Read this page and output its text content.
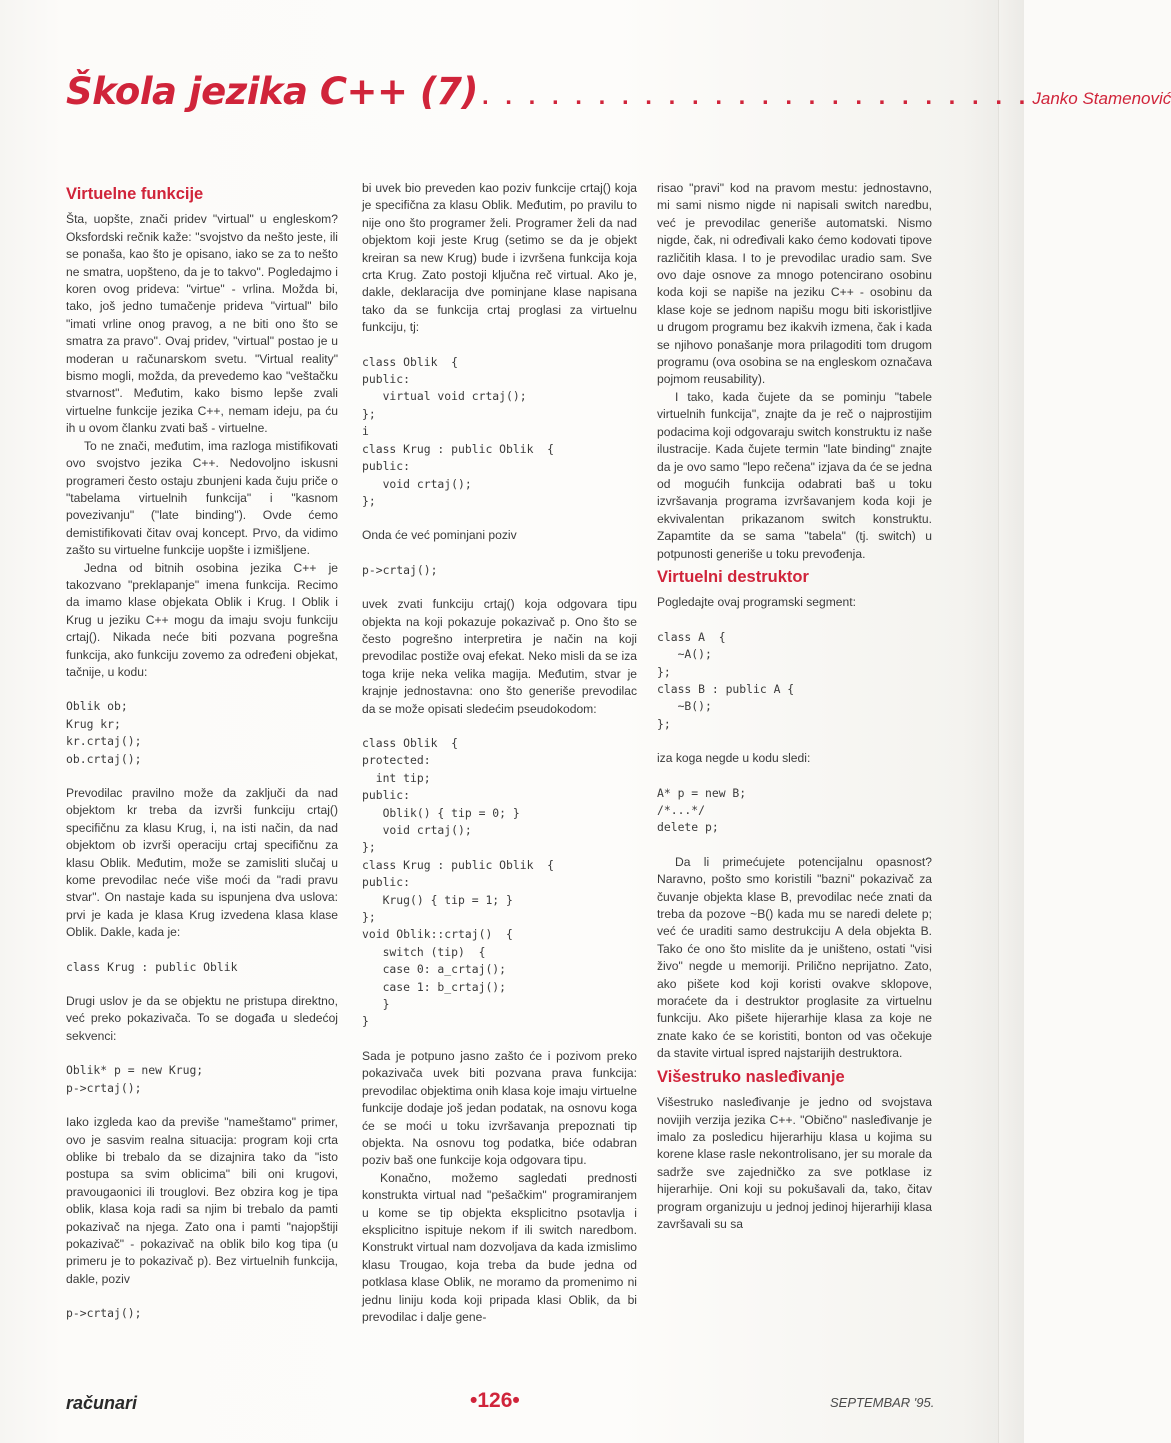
Škola jezika C++ (7) . . . . . . . . . . . . . . . . . . . . . . . . Janko Stamenović
Virtuelne funkcije

Šta, uopšte, znači pridev "virtual" u engleskom? Oksfordski rečnik kaže: "svojstvo da nešto jeste, ili se ponaša, kao što je opisano, iako se za to nešto ne smatra, uopšteno, da je to takvo". Pogledajmo i koren ovog prideva: "virtue" - vrlina. Možda bi, tako, još jedno tumačenje prideva "virtual" bilo "imati vrline onog pravog, a ne biti ono što se smatra za pravo". Ovaj pridev, "virtual" postao je u moderan u računarskom svetu. "Virtual reality" bismo mogli, možda, da prevedemo kao "veštačku stvarnost". Međutim, kako bismo lepše zvali virtuelne funkcije jezika C++, nemam ideju, pa ću ih u ovom članku zvati baš - virtuelne.

To ne znači, međutim, ima razloga mistifikovati ovo svojstvo jezika C++. Nedovoljno iskusni programeri često ostaju zbunjeni kada čuju priče o "tabelama virtuelnih funkcija" i "kasnom povezivanju" ("late binding"). Ovde ćemo demistifikovati čitav ovaj koncept. Prvo, da vidimo zašto su virtuelne funkcije uopšte i izmišljene.

Jedna od bitnih osobina jezika C++ je takozvano "preklapanje" imena funkcija. Recimo da imamo klase objekata Oblik i Krug. I Oblik i Krug u jeziku C++ mogu da imaju svoju funkciju crtaj(). Nikada neće biti pozvana pogrešna funkcija, ako funkciju zovemo za određeni objekat, tačnije, u kodu:

Oblik ob;
Krug kr;
kr.crtaj();
ob.crtaj();

Prevodilac pravilno može da zaključi da nad objektom kr treba da izvrši funkciju crtaj() specifičnu za klasu Krug, i, na isti način, da nad objektom ob izvrši operaciju crtaj specifičnu za klasu Oblik. Međutim, može se zamisliti slučaj u kome prevodilac neće više moći da "radi pravu stvar". On nastaje kada su ispunjena dva uslova: prvi je kada je klasa Krug izvedena klasa klase Oblik. Dakle, kada je:

class Krug : public Oblik

Drugi uslov je da se objektu ne pristupa direktno, već preko pokazivača. To se događa u sledećoj sekvenci:

Oblik* p = new Krug;
p->crtaj();

Iako izgleda kao da previše "nameštamo" primer, ovo je sasvim realna situacija: program koji crta oblike bi trebalo da se dizajnira tako da "isto postupa sa svim oblicima" bili oni krugovi, pravougaonici ili trouglovi. Bez obzira kog je tipa oblik, klasa koja radi sa njim bi trebalo da pamti pokazivač na njega. Zato ona i pamti "najopštiji pokazivač" - pokazivač na oblik bilo kog tipa (u primeru je to pokazivač p). Bez virtuelnih funkcija, dakle, poziv

p->crtaj();

bi uvek bio preveden kao poziv funkcije crtaj() koja je specifična za klasu Oblik. Međutim, po pravilu to nije ono što programer želi. Programer želi da nad objektom koji jeste Krug (setimo se da je objekt kreiran sa new Krug) bude i izvršena funkcija koja crta Krug. Zato postoji ključna reč virtual. Ako je, dakle, deklaracija dve pominjane klase napisana tako da se funkcija crtaj proglasi za virtuelnu funkciju, tj:

class Oblik  {
public:
virtual void crtaj();
};
i
class Krug : public Oblik  {
public:
void crtaj();
};

Onda će već pominjani poziv

p->crtaj();

uvek zvati funkciju crtaj() koja odgovara tipu objekta na koji pokazuje pokazivač p. Ono što se često pogrešno interpretira je način na koji prevodilac postiže ovaj efekat. Neko misli da se iza toga krije neka velika magija. Međutim, stvar je krajnje jednostavna: ono što generiše prevodilac da se može opisati sledećim pseudokodom:

class Oblik  {
protected:
int tip;
public:
Oblik() { tip = 0; }
void crtaj();
};
class Krug : public Oblik  {
public:
Krug() { tip = 1; }
};
void Oblik::crtaj()  {
switch (tip)  {
case 0: a_crtaj();
case 1: b_crtaj();
}
}

Sada je potpuno jasno zašto će i pozivom preko pokazivača uvek biti pozvana prava funkcija: prevodilac objektima onih klasa koje imaju virtuelne funkcije dodaje još jedan podatak, na osnovu koga će se moći u toku izvršavanja prepoznati tip objekta. Na osnovu tog podatka, biće odabran poziv baš one funkcije koja odgovara tipu.

Konačno, možemo sagledati prednosti konstrukta virtual nad "pešačkim" programiranjem u kome se tip objekta eksplicitno psotavlja i eksplicitno ispituje nekom if ili switch naredbom. Konstrukt virtual nam dozvoljava da kada izmislimo klasu Trougao, koja treba da bude jedna od potklasa klase Oblik, ne moramo da promenimo ni jednu liniju koda koji pripada klasi Oblik, da bi prevodilac i dalje gene-

risao "pravi" kod na pravom mestu: jednostavno, mi sami nismo nigde ni napisali switch naredbu, već je prevodilac generiše automatski. Nismo nigde, čak, ni određivali kako ćemo kodovati tipove različitih klasa. I to je prevodilac uradio sam. Sve ovo daje osnove za mnogo potencirano osobinu koda koji se napiše na jeziku C++ - osobinu da klase koje se jednom napišu mogu biti iskoristljive u drugom programu bez ikakvih izmena, čak i kada se njihovo ponašanje mora prilagoditi tom drugom programu (ova osobina se na engleskom označava pojmom reusability).

I tako, kada čujete da se pominju "tabele virtuelnih funkcija", znajte da je reč o najprostijim podacima koji odgovaraju switch konstruktu iz naše ilustracije. Kada čujete termin "late binding" znajte da je ovo samo "lepo rečena" izjava da će se jedna od mogućih funkcija odabrati baš u toku izvršavanja programa izvršavanjem koda koji je ekvivalentan prikazanom switch konstruktu. Zapamtite da se sama "tabela" (tj. switch) u potpunosti generiše u toku prevođenja.

Virtuelni destruktor

Pogledajte ovaj programski segment:

class A  {
~A();
};
class B : public A {
~B();
};

iza koga negde u kodu sledi:

A* p = new B;
/*...*/
delete p;

Da li primećujete potencijalnu opasnost? Naravno, pošto smo koristili "bazni" pokazivač za čuvanje objekta klase B, prevodilac neće znati da treba da pozove ~B() kada mu se naredi delete p; već će uraditi samo destrukciju A dela objekta B. Tako će ono što mislite da je uništeno, ostati "visi živo" negde u memoriji. Prilično neprijatno. Zato, ako pišete kod koji koristi ovakve sklopove, moraćete da i destruktor proglasite za virtuelnu funkciju. Ako pišete hijerarhije klasa za koje ne znate kako će se koristiti, bonton od vas očekuje da stavite virtual ispred najstarijih destruktora.

Višestruko nasleđivanje

Višestruko nasleđivanje je jedno od svojstava novijih verzija jezika C++. "Obično" nasleđivanje je imalo za posledicu hijerarhiju klasa u kojima su korene klase rasle nekontrolisano, jer su morale da sadrže sve zajedničko za sve potklase iz hijerarhije. Oni koji su pokušavali da, tako, čitav program organizuju u jednoj jedinoj hijerarhiji klasa završavali su sa

računari	•126•	SEPTEMBAR '95.
